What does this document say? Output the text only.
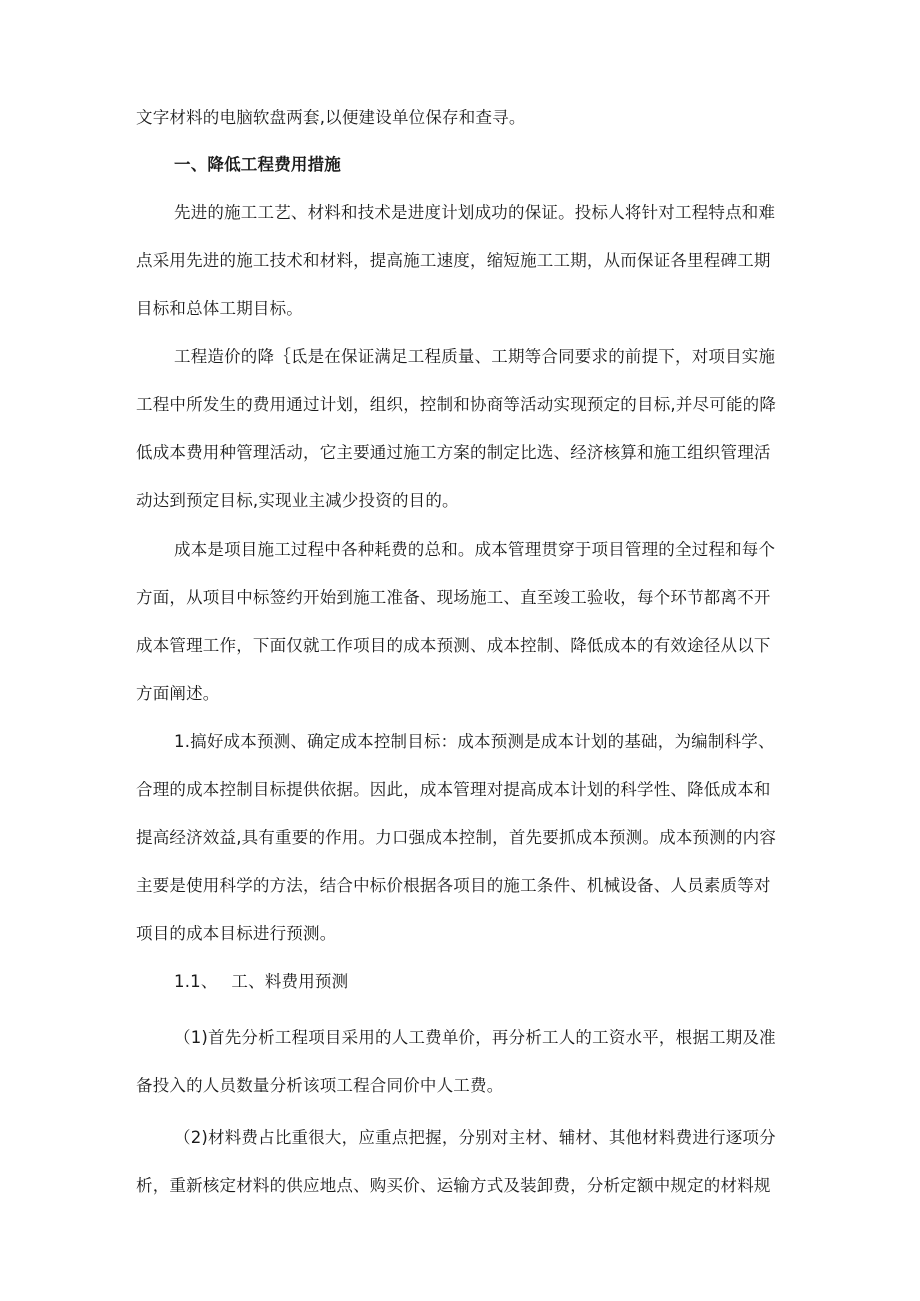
文字材料的电脑软盘两套,以便建设单位保存和查寻。
一、降低工程费用措施
先进的施工工艺、材料和技术是进度计划成功的保证。投标人将针对工程特点和难
点采用先进的施工技术和材料，提高施工速度，缩短施工工期，从而保证各里程碑工期
目标和总体工期目标。
工程造价的降｛氐是在保证满足工程质量、工期等合同要求的前提下，对项目实施
工程中所发生的费用通过计划，组织，控制和协商等活动实现预定的目标,并尽可能的降
低成本费用种管理活动，它主要通过施工方案的制定比选、经济核算和施工组织管理活
动达到预定目标,实现业主减少投资的目的。
成本是项目施工过程中各种耗费的总和。成本管理贯穿于项目管理的全过程和每个
方面，从项目中标签约开始到施工准备、现场施工、直至竣工验收，每个环节都离不开
成本管理工作，下面仅就工作项目的成本预测、成本控制、降低成本的有效途径从以下
方面阐述。
1.搞好成本预测、确定成本控制目标：成本预测是成本计划的基础，为编制科学、
合理的成本控制目标提供依据。因此，成本管理对提高成本计划的科学性、降低成本和
提高经济效益,具有重要的作用。力口强成本控制，首先要抓成本预测。成本预测的内容
主要是使用科学的方法，结合中标价根据各项目的施工条件、机械设备、人员素质等对
项目的成本目标进行预测。
1.1、　 工、料费用预测
（1)首先分析工程项目采用的人工费单价，再分析工人的工资水平，根据工期及准
备投入的人员数量分析该项工程合同价中人工费。
（2)材料费占比重很大，应重点把握，分别对主材、辅材、其他材料费进行逐项分
析，重新核定材料的供应地点、购买价、运输方式及装卸费，分析定额中规定的材料规
